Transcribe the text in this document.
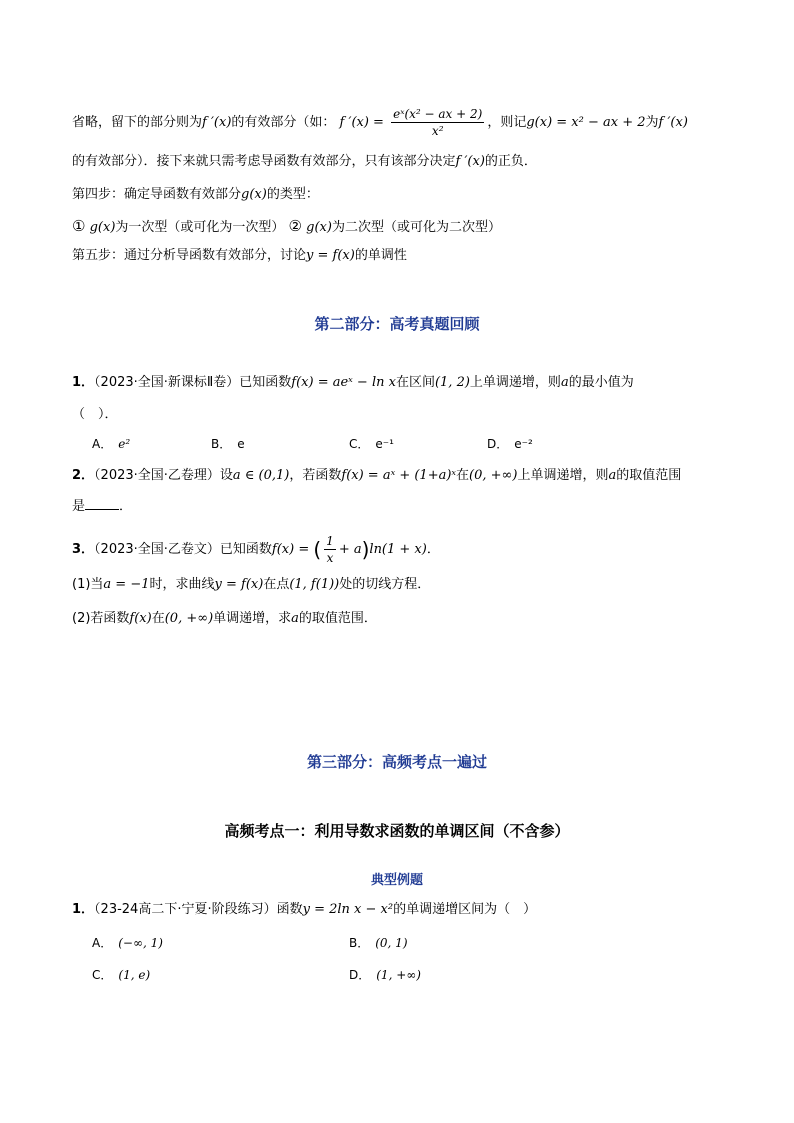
省略，留下的部分则为f ′(x)的有效部分（如： f $'(x) = \frac{\text{eˣ(x² − ax + 2)}}{\text{x²}}$ ，则记g(x) = x² − ax + 2为f ′(x)
的有效部分）．接下来就只需考虑导函数有效部分，只有该部分决定f ′(x)的正负．
第四步：确定导函数有效部分g(x)的类型：
① g(x)为一次型（或可化为一次型） ② g(x)为二次型（或可化为二次型）
第五步：通过分析导函数有效部分，讨论y = f(x)的单调性
第二部分：高考真题回顾
1．（2023·全国·新课标Ⅱ卷）已知函数f(x) = aeˣ − ln x在区间(1, 2)上单调递增，则a的最小值为
（　）．
A． e²	B． e	C． e⁻¹	D． e⁻²
2．（2023·全国·乙卷理）设a ∈ (0,1)，若函数f(x) = aˣ + (1+a)ˣ在(0, +∞)上单调递增，则a的取值范围
是	．
3．（2023·全国·乙卷文）已知函数f(x) = ( $\frac{1}{x} + a)\ln(1 + x)$．
(1)当a = −1时，求曲线y = f(x)在点(1, f(1))处的切线方程．
(2)若函数f(x)在(0, +∞)单调递增，求a的取值范围．
第三部分：高频考点一遍过
高频考点一：利用导数求函数的单调区间（不含参）
典型例题
1．（23-24高二下·宁夏·阶段练习）函数y = 2ln x − x²的单调递增区间为（　）
A． (−∞, 1)	B． (0, 1)
C． (1, e)	D． (1, +∞)
